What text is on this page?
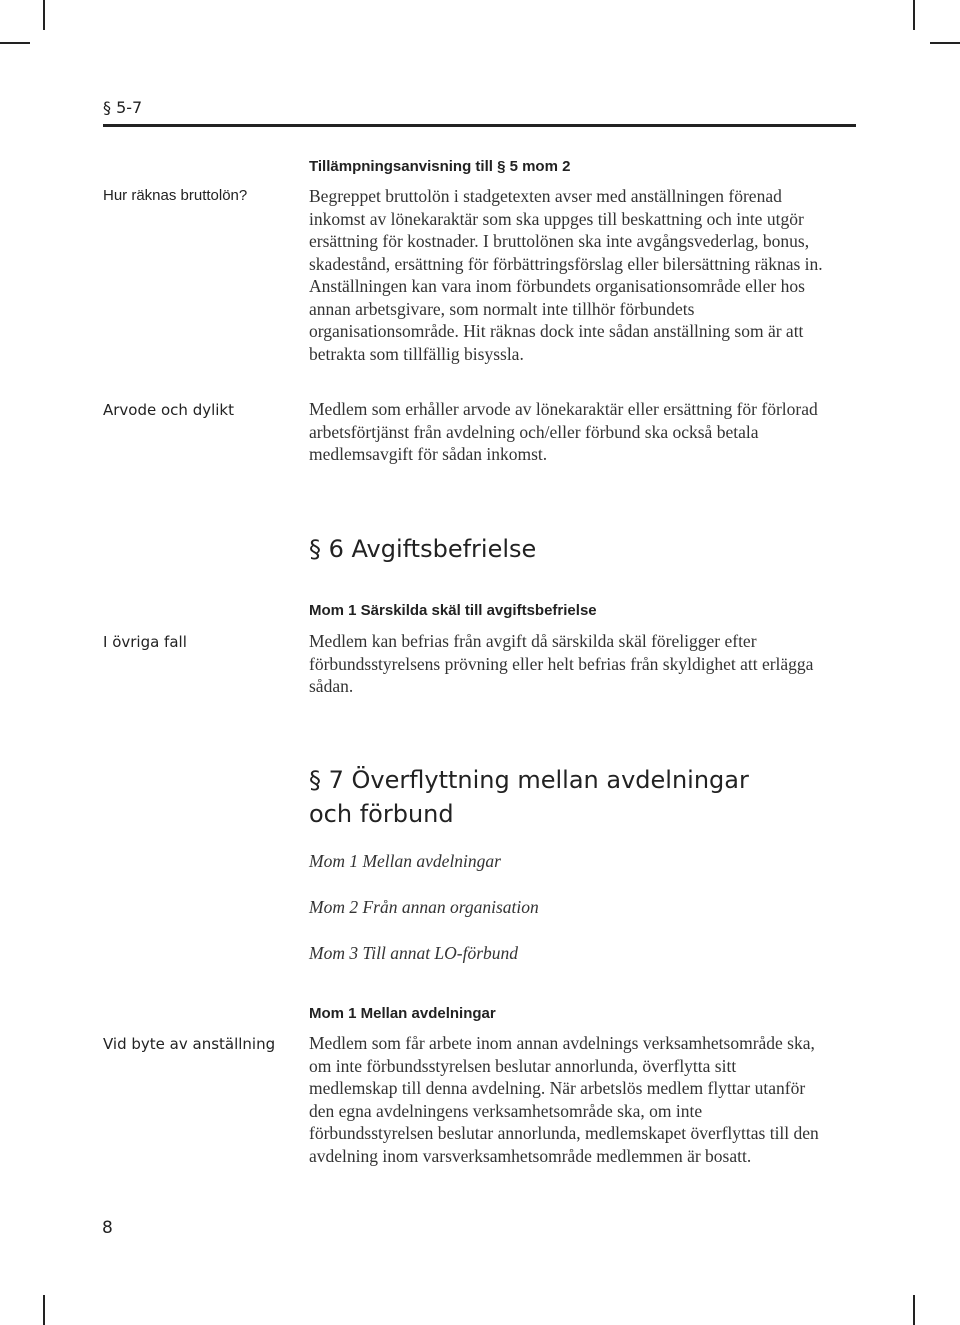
§ 5-7
Tillämpningsanvisning till § 5 mom 2
Hur räknas bruttolön?	Begreppet bruttolön i stadgetexten avser med anställningen förenad inkomst av lönekaraktär som ska uppges till beskattning och inte utgör ersättning för kostnader. I bruttolönen ska inte avgångsvederlag, bonus, skadestånd, ersättning för förbättringsförslag eller bilersättning räknas in. Anställningen kan vara inom förbundets organisationsområde eller hos annan arbetsgivare, som normalt inte tillhör förbundets organisationsområde. Hit räknas dock inte sådan anställning som är att betrakta som tillfällig bisyssla.

Arvode och dylikt	Medlem som erhåller arvode av lönekaraktär eller ersättning för förlorad arbetsförtjänst från avdelning och/eller förbund ska också betala medlemsavgift för sådan inkomst.

§ 6 Avgiftsbefrielse
Mom 1 Särskilda skäl till avgiftsbefrielse
I övriga fall	Medlem kan befrias från avgift då särskilda skäl föreligger efter förbundsstyrelsens prövning eller helt befrias från skyldighet att erlägga sådan.

§ 7 Överflyttning mellan avdelningar
och förbund
Mom 1 Mellan avdelningar
Mom 2 Från annan organisation
Mom 3 Till annat LO-förbund
Mom 1 Mellan avdelningar
Vid byte av anställning Medlem som får arbete inom annan avdelnings verksamhetsområde ska, om inte förbundsstyrelsen beslutar annorlunda, överflytta sitt medlemskap till denna avdelning. När arbetslös medlem flyttar utanför den egna avdelningens verksamhetsområde ska, om inte förbundsstyrelsen beslutar annorlunda, medlemskapet överflyttas till den avdelning inom varsverksamhetsområde medlemmen är bosatt.

8
